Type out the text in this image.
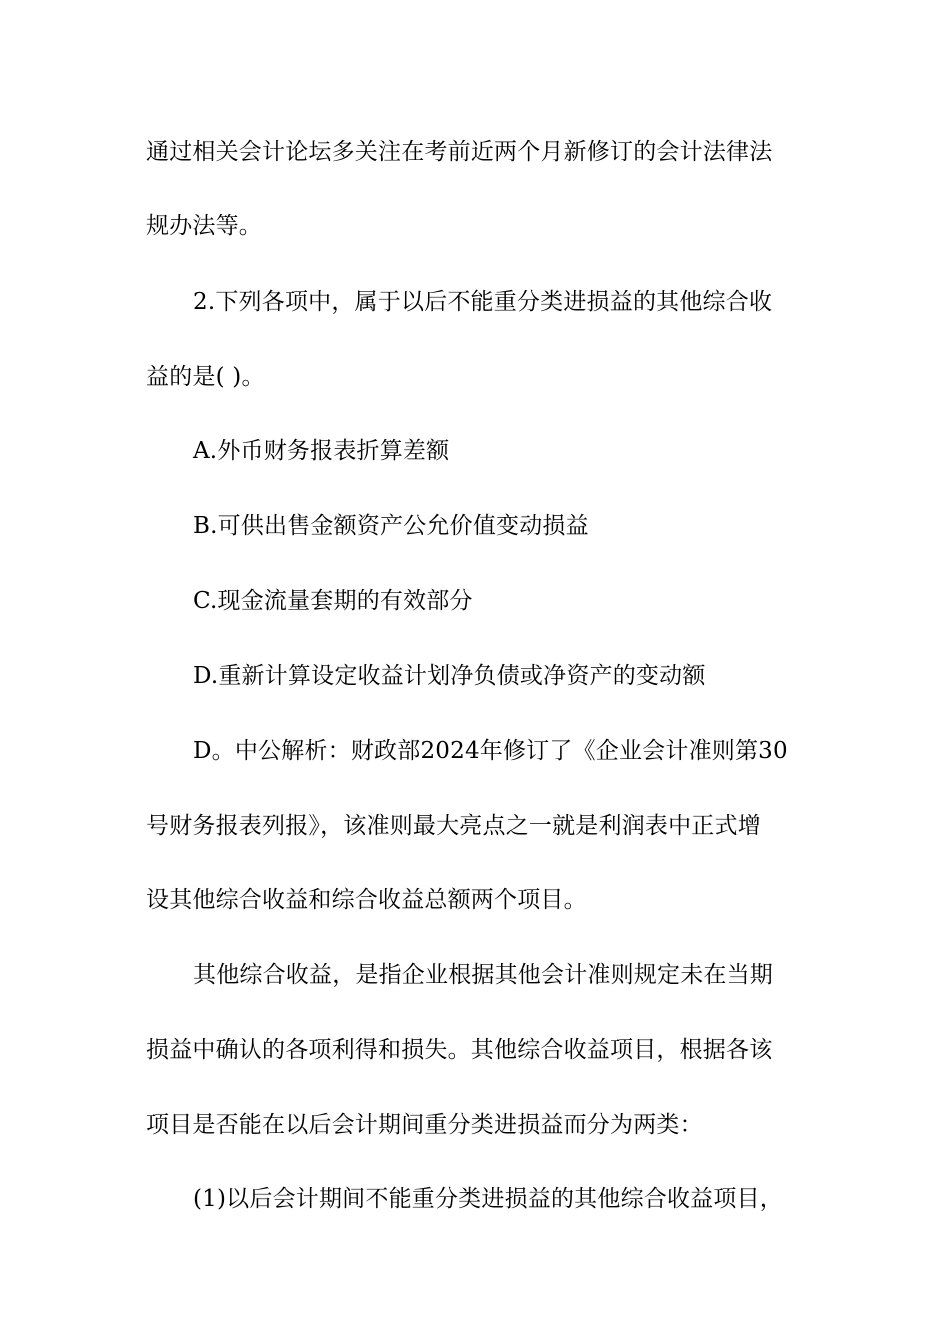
通过相关会计论坛多关注在考前近两个月新修订的会计法律法
规办法等。
2.下列各项中，属于以后不能重分类进损益的其他综合收
益的是( )。
A.外币财务报表折算差额
B.可供出售金额资产公允价值变动损益
C.现金流量套期的有效部分
D.重新计算设定收益计划净负债或净资产的变动额
D。中公解析：财政部2024年修订了《企业会计准则第30
号财务报表列报》，该准则最大亮点之一就是利润表中正式增
设其他综合收益和综合收益总额两个项目。
其他综合收益，是指企业根据其他会计准则规定未在当期
损益中确认的各项利得和损失。其他综合收益项目，根据各该
项目是否能在以后会计期间重分类进损益而分为两类：
(1)以后会计期间不能重分类进损益的其他综合收益项目，
